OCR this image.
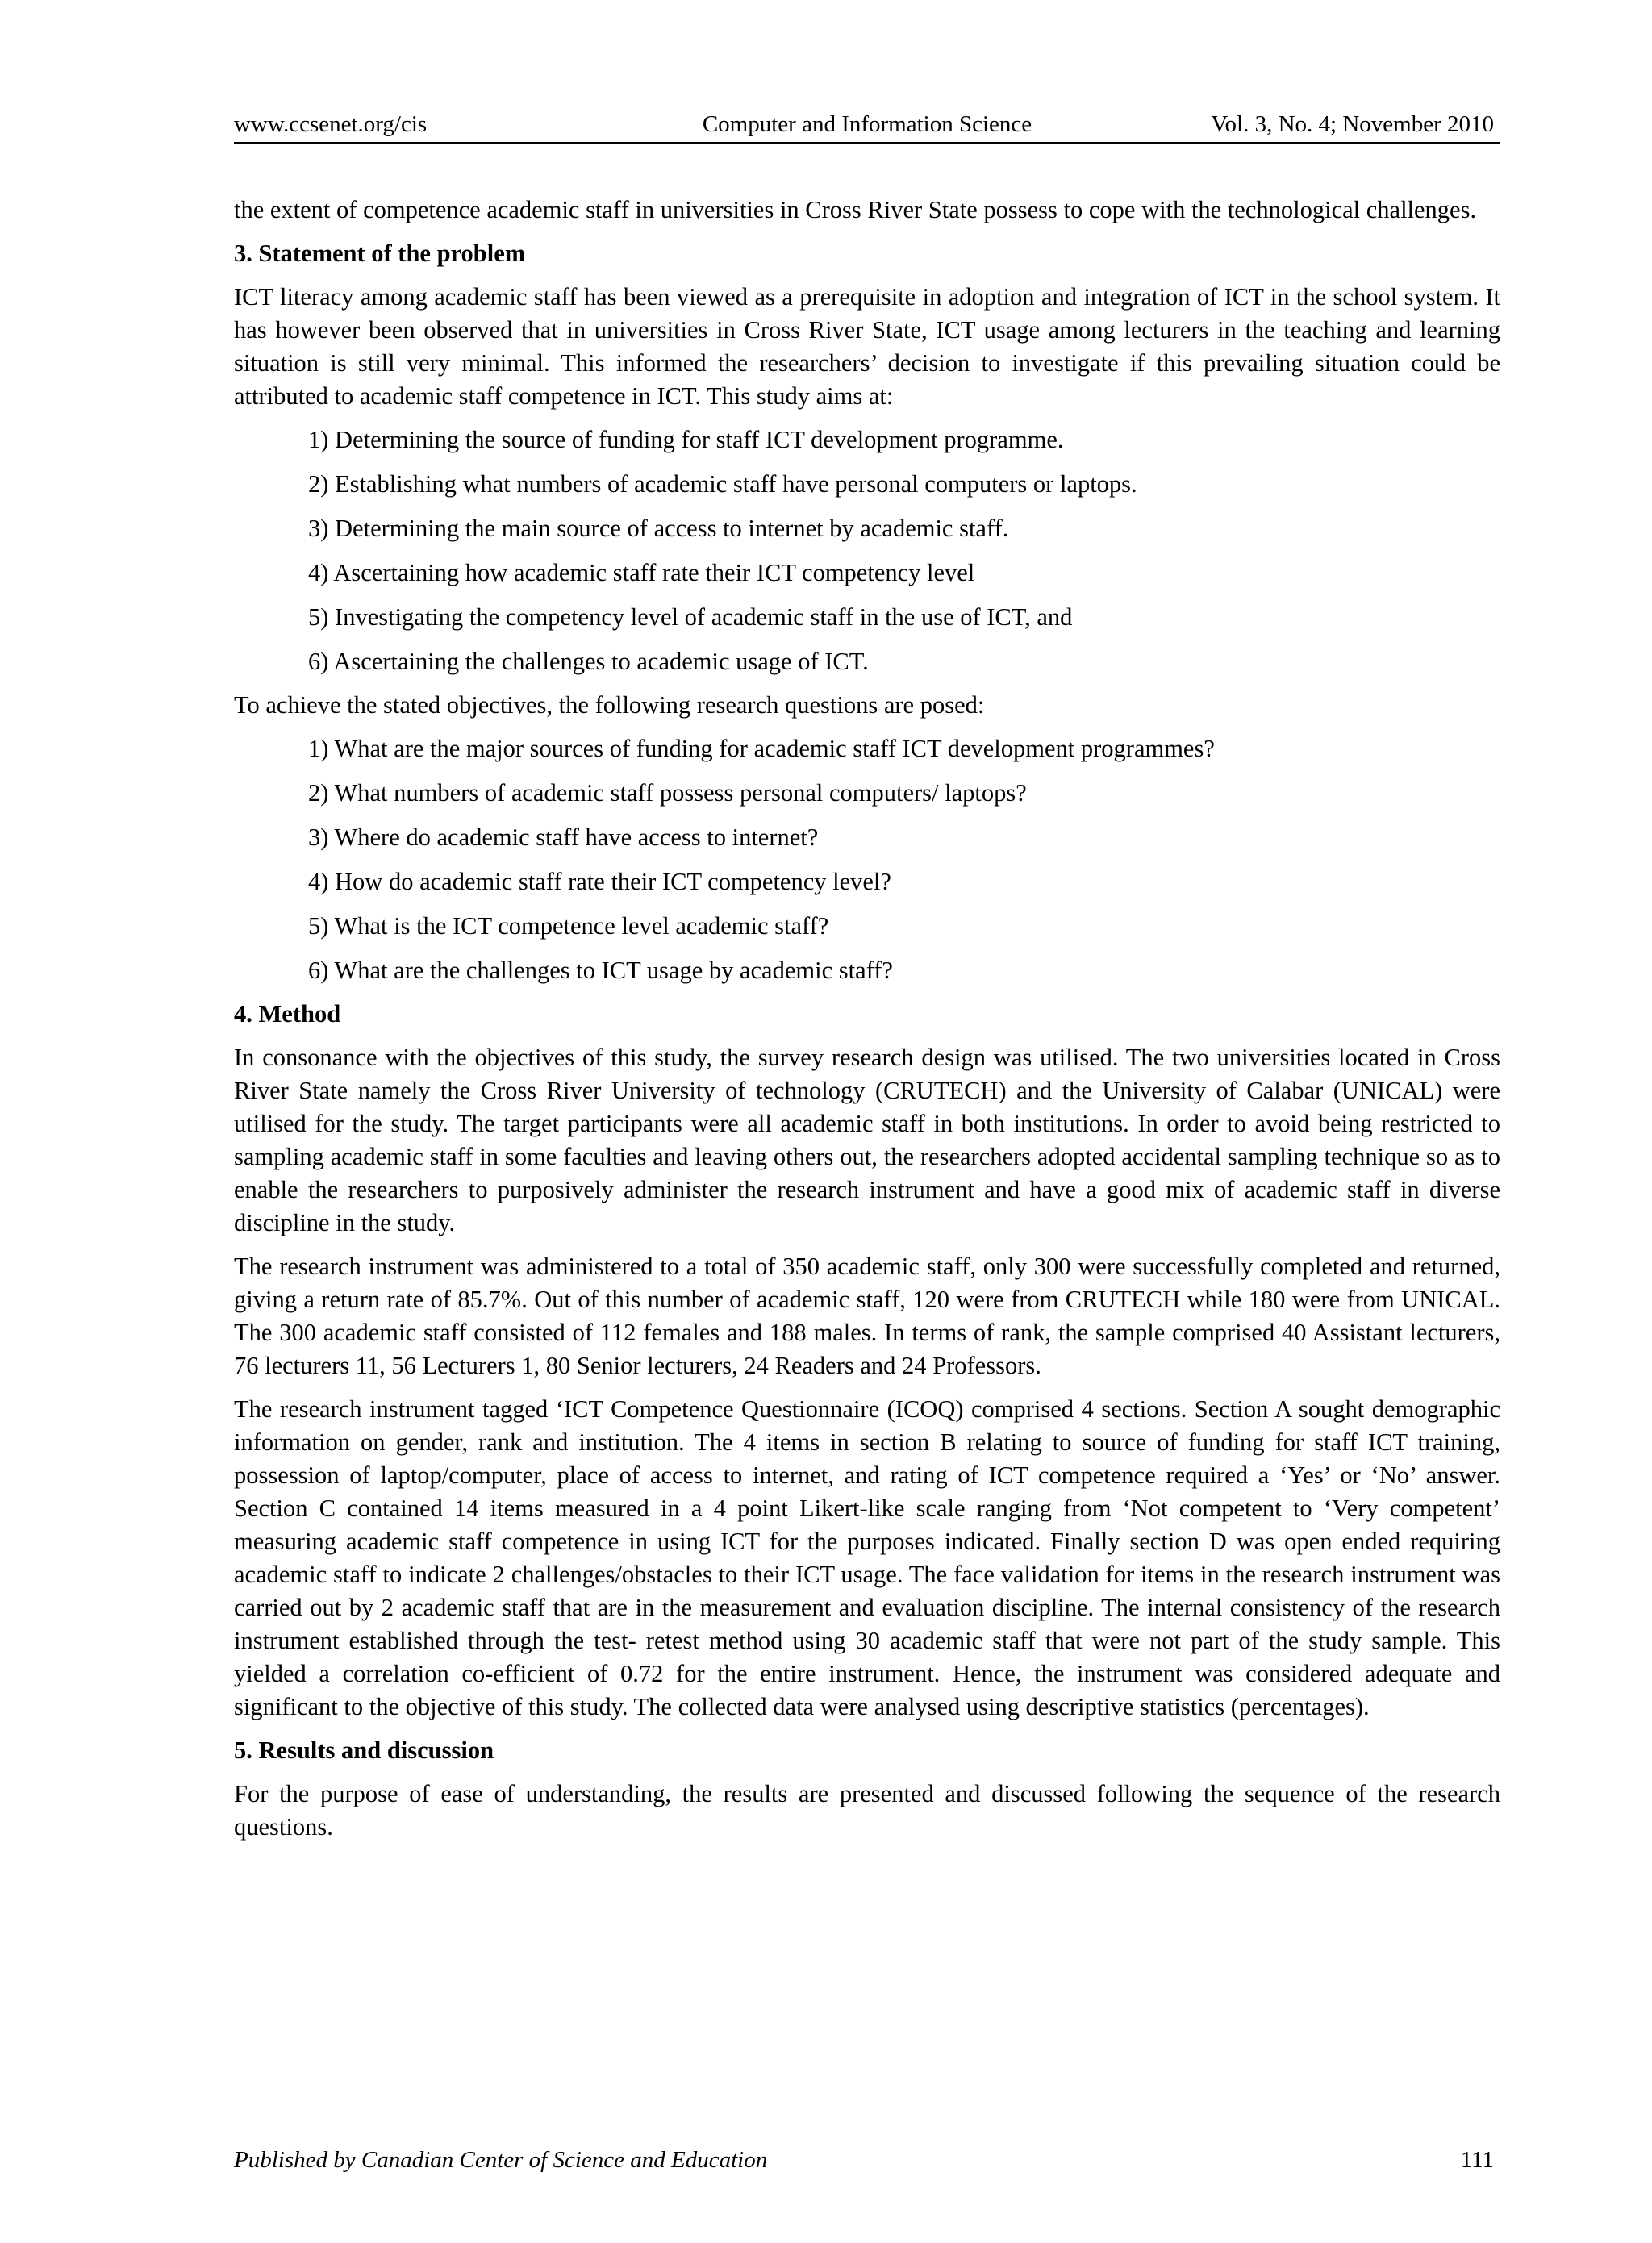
www.ccsenet.org/cis	Computer and Information Science	Vol. 3, No. 4; November 2010

the extent of competence academic staff in universities in Cross River State possess to cope with the technological challenges.

3. Statement of the problem

ICT literacy among academic staff has been viewed as a prerequisite in adoption and integration of ICT in the school system. It has however been observed that in universities in Cross River State, ICT usage among lecturers in the teaching and learning situation is still very minimal. This informed the researchers’ decision to investigate if this prevailing situation could be attributed to academic staff competence in ICT. This study aims at:

1) Determining the source of funding for staff ICT development programme.
2) Establishing what numbers of academic staff have personal computers or laptops.
3) Determining the main source of access to internet by academic staff.
4) Ascertaining how academic staff rate their ICT competency level
5) Investigating the competency level of academic staff in the use of ICT, and
6) Ascertaining the challenges to academic usage of ICT.

To achieve the stated objectives, the following research questions are posed:

1) What are the major sources of funding for academic staff ICT development programmes?
2) What numbers of academic staff possess personal computers/ laptops?
3) Where do academic staff have access to internet?
4) How do academic staff rate their ICT competency level?
5) What is the ICT competence level academic staff?
6) What are the challenges to ICT usage by academic staff?
4. Method

In consonance with the objectives of this study, the survey research design was utilised. The two universities located in Cross River State namely the Cross River University of technology (CRUTECH) and the University of Calabar (UNICAL) were utilised for the study. The target participants were all academic staff in both institutions. In order to avoid being restricted to sampling academic staff in some faculties and leaving others out, the researchers adopted accidental sampling technique so as to enable the researchers to purposively administer the research instrument and have a good mix of academic staff in diverse discipline in the study.

The research instrument was administered to a total of 350 academic staff, only 300 were successfully completed and returned, giving a return rate of 85.7%. Out of this number of academic staff, 120 were from CRUTECH while 180 were from UNICAL. The 300 academic staff consisted of 112 females and 188 males. In terms of rank, the sample comprised 40 Assistant lecturers, 76 lecturers 11, 56 Lecturers 1, 80 Senior lecturers, 24 Readers and 24 Professors.

The research instrument tagged ‘ICT Competence Questionnaire (ICOQ) comprised 4 sections. Section A sought demographic information on gender, rank and institution. The 4 items in section B relating to source of funding for staff ICT training, possession of laptop/computer, place of access to internet, and rating of ICT competence required a ‘Yes’ or ‘No’ answer. Section C contained 14 items measured in a 4 point Likert-like scale ranging from ‘Not competent to ‘Very competent’ measuring academic staff competence in using ICT for the purposes indicated. Finally section D was open ended requiring academic staff to indicate 2 challenges/obstacles to their ICT usage. The face validation for items in the research instrument was carried out by 2 academic staff that are in the measurement and evaluation discipline. The internal consistency of the research instrument established through the test- retest method using 30 academic staff that were not part of the study sample. This yielded a correlation co-efficient of 0.72 for the entire instrument. Hence, the instrument was considered adequate and significant to the objective of this study. The collected data were analysed using descriptive statistics (percentages).

5. Results and discussion

For the purpose of ease of understanding, the results are presented and discussed following the sequence of the research questions.

Published by Canadian Center of Science and Education	111
